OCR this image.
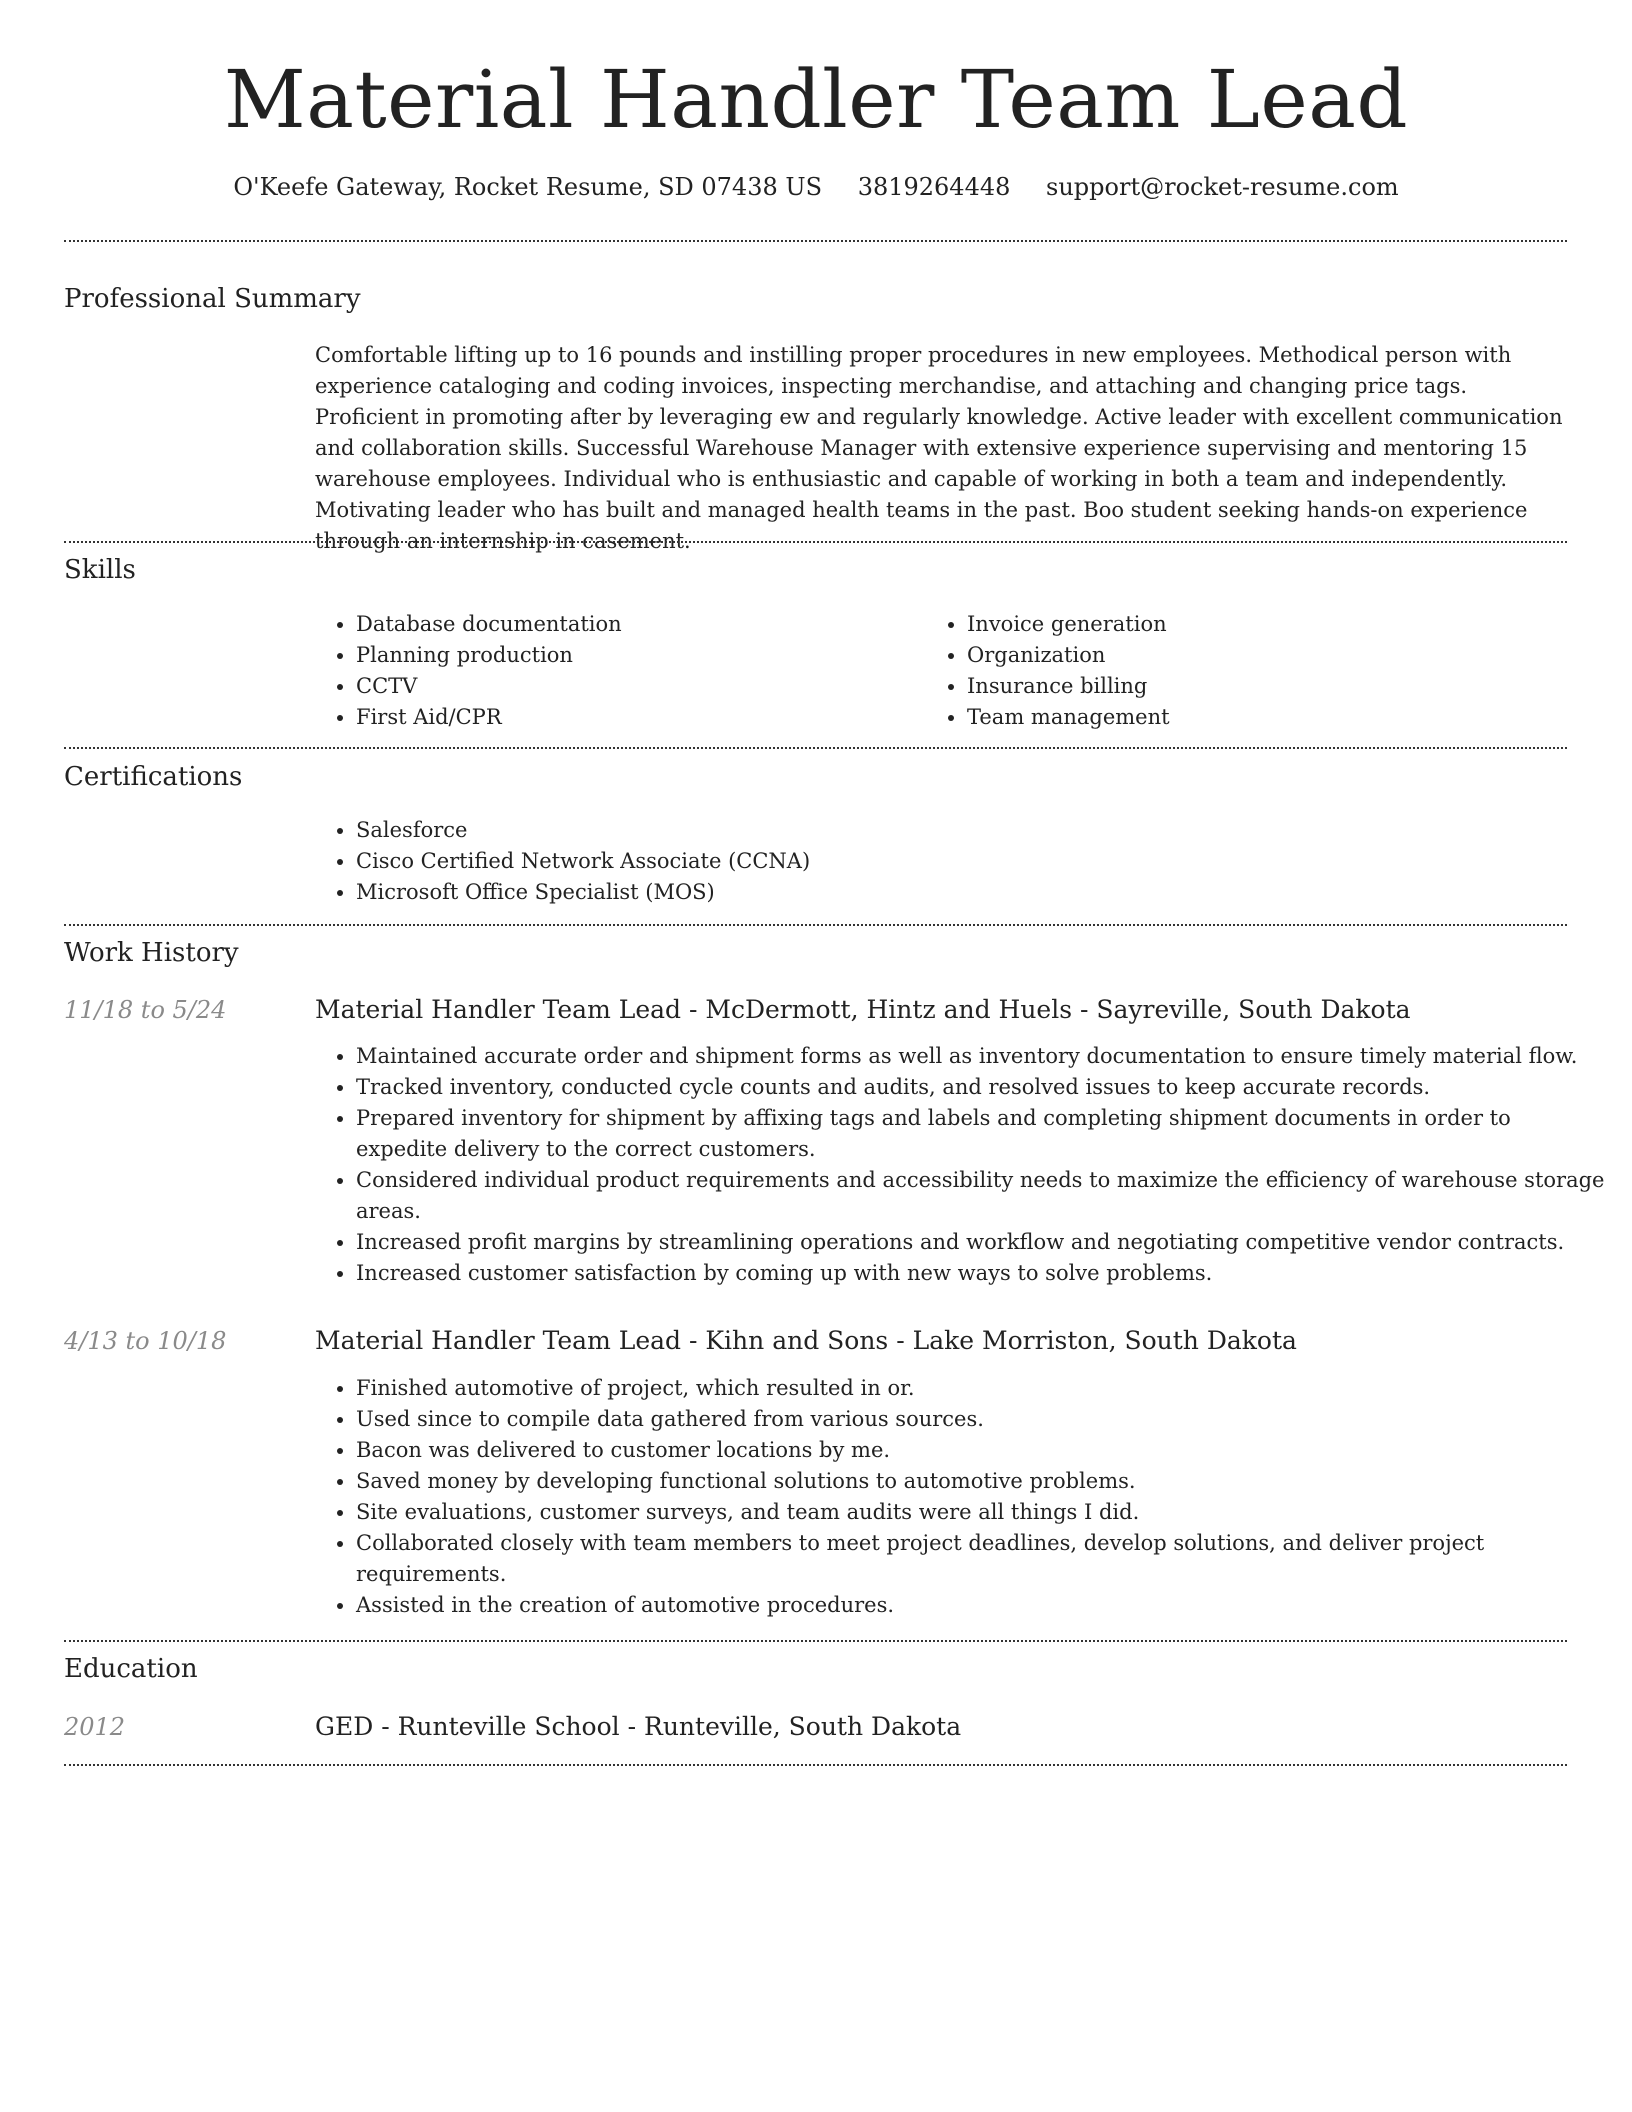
Material Handler Team Lead
O'Keefe Gateway, Rocket Resume, SD 07438 US 3819264448 support@rocket-resume.com
Professional Summary

Comfortable lifting up to 16 pounds and instilling proper procedures in new employees. Methodical person with experience cataloging and coding invoices, inspecting merchandise, and attaching and changing price tags. Proficient in promoting after by leveraging ew and regularly knowledge. Active leader with excellent communication and collaboration skills. Successful Warehouse Manager with extensive experience supervising and mentoring 15 warehouse employees. Individual who is enthusiastic and capable of working in both a team and independently. Motivating leader who has built and managed health teams in the past. Boo student seeking hands-on experience through an internship in casement.

Skills
• Database documentation
• Planning production
• CCTV
• First Aid/CPR
• Invoice generation
• Organization
• Insurance billing
• Team management
Certifications
• Salesforce
• Cisco Certified Network Associate (CCNA)
• Microsoft Office Specialist (MOS)
Work History
11/18 to 5/24	Material Handler Team Lead - McDermott, Hintz and Huels - Sayreville, South Dakota
• Maintained accurate order and shipment forms as well as inventory documentation to ensure timely material flow.
• Tracked inventory, conducted cycle counts and audits, and resolved issues to keep accurate records.
• Prepared inventory for shipment by affixing tags and labels and completing shipment documents in order to expedite delivery to the correct customers.
• Considered individual product requirements and accessibility needs to maximize the efficiency of warehouse storage areas.
• Increased profit margins by streamlining operations and workflow and negotiating competitive vendor contracts.
• Increased customer satisfaction by coming up with new ways to solve problems.
4/13 to 10/18	Material Handler Team Lead - Kihn and Sons - Lake Morriston, South Dakota
• Finished automotive of project, which resulted in or.
• Used since to compile data gathered from various sources.
• Bacon was delivered to customer locations by me.
• Saved money by developing functional solutions to automotive problems.
• Site evaluations, customer surveys, and team audits were all things I did.
• Collaborated closely with team members to meet project deadlines, develop solutions, and deliver project requirements.
• Assisted in the creation of automotive procedures.
Education
2012	GED - Runteville School - Runteville, South Dakota
